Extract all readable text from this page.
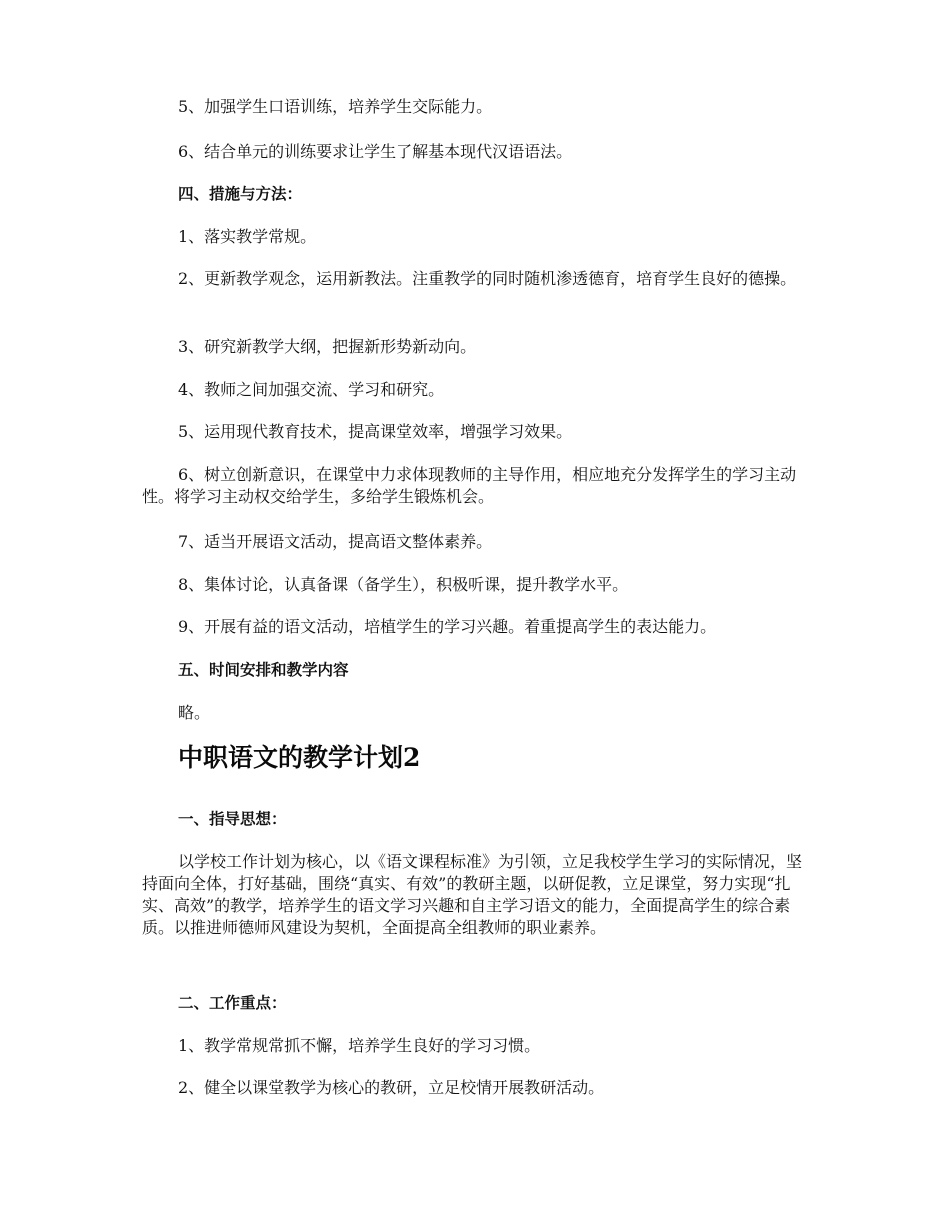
5、加强学生口语训练，培养学生交际能力。

6、结合单元的训练要求让学生了解基本现代汉语语法。

四、措施与方法：

1、落实教学常规。

2、更新教学观念，运用新教法。注重教学的同时随机渗透德育，培育学生良好的德操。

3、研究新教学大纲，把握新形势新动向。

4、教师之间加强交流、学习和研究。

5、运用现代教育技术，提高课堂效率，增强学习效果。

6、树立创新意识，在课堂中力求体现教师的主导作用，相应地充分发挥学生的学习主动性。将学习主动权交给学生，多给学生锻炼机会。

7、适当开展语文活动，提高语文整体素养。

8、集体讨论，认真备课（备学生），积极听课，提升教学水平。

9、开展有益的语文活动，培植学生的学习兴趣。着重提高学生的表达能力。

五、时间安排和教学内容

略。

中职语文的教学计划2

一、指导思想：

以学校工作计划为核心，以《语文课程标准》为引领，立足我校学生学习的实际情况，坚持面向全体，打好基础，围绕“真实、有效”的教研主题，以研促教，立足课堂，努力实现“扎实、高效”的教学，培养学生的语文学习兴趣和自主学习语文的能力，全面提高学生的综合素质。以推进师德师风建设为契机，全面提高全组教师的职业素养。

二、工作重点：

1、教学常规常抓不懈，培养学生良好的学习习惯。

2、健全以课堂教学为核心的教研，立足校情开展教研活动。
